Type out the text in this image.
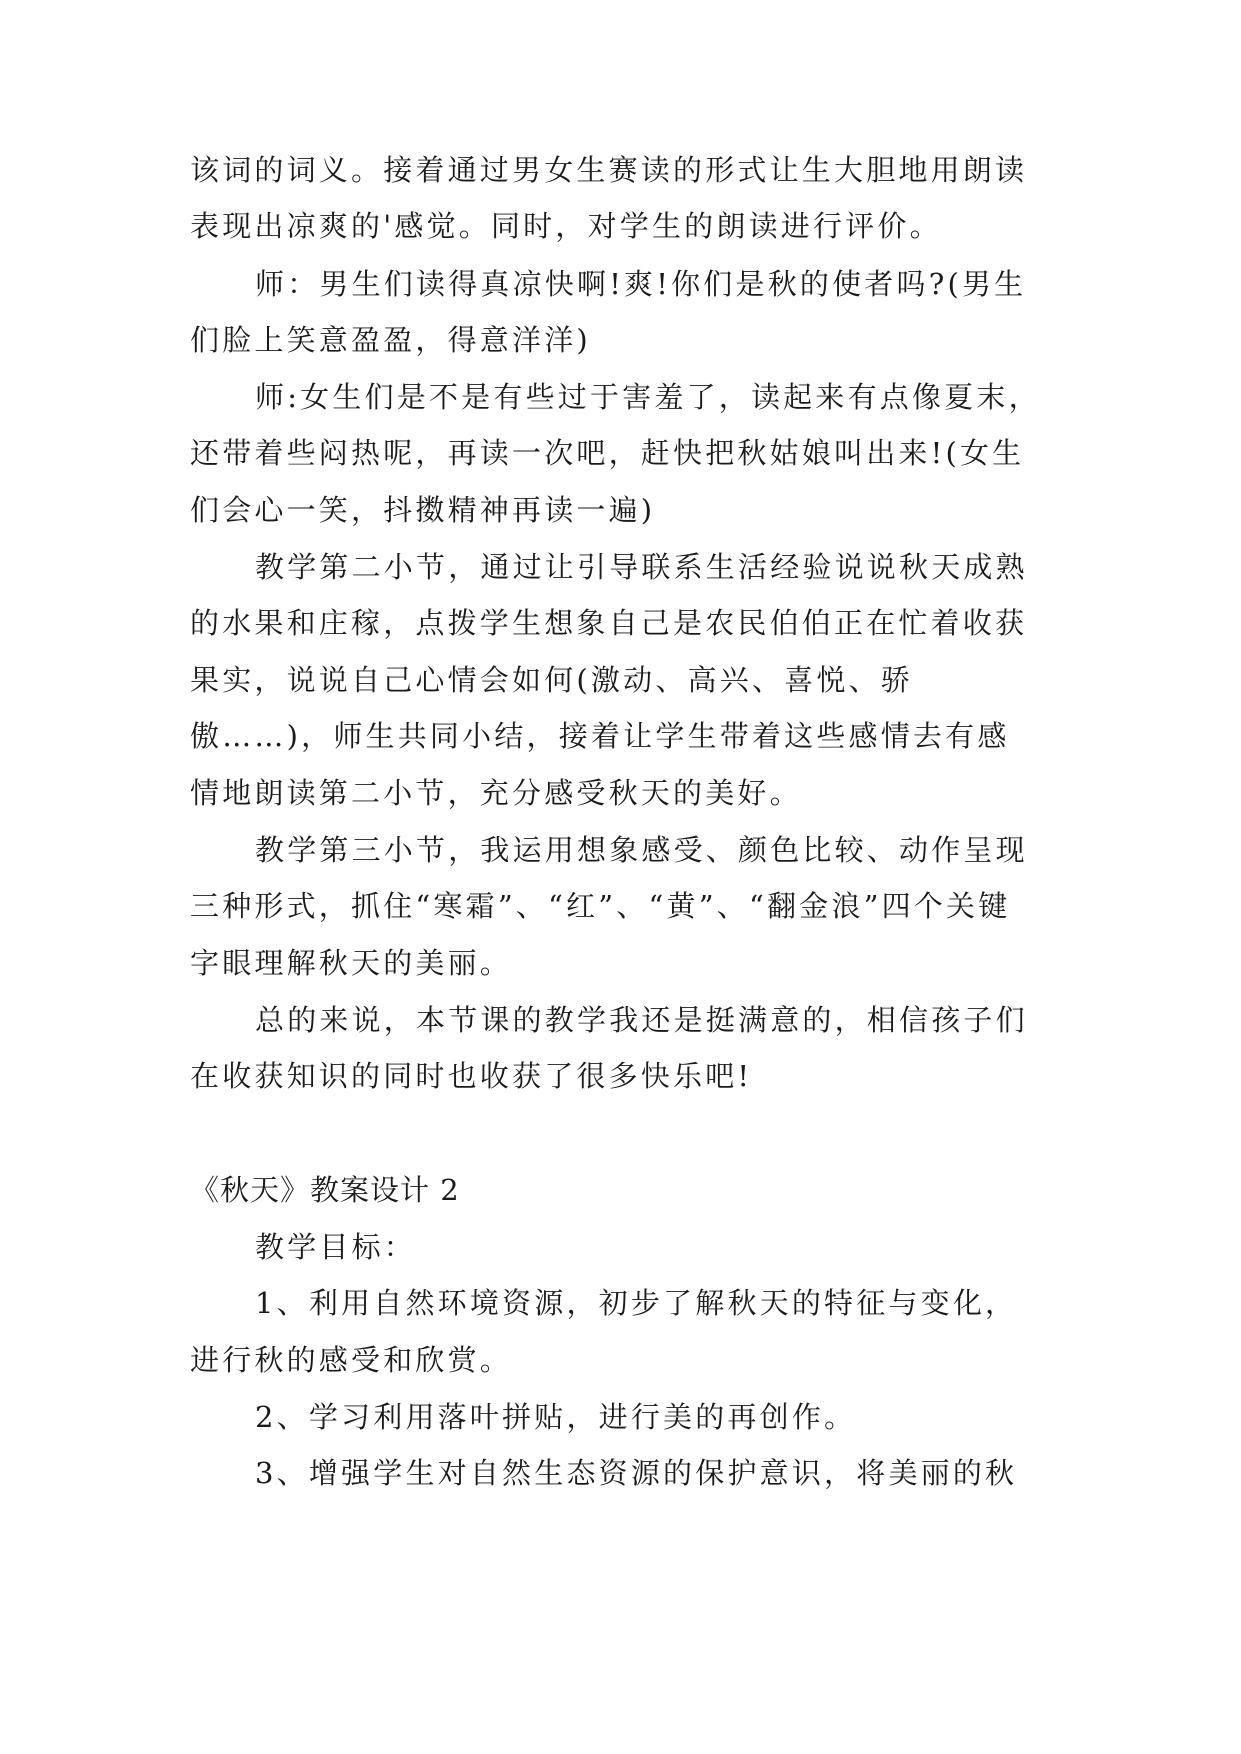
该词的词义。接着通过男女生赛读的形式让生大胆地用朗读
表现出凉爽的'感觉。同时，对学生的朗读进行评价。
师：男生们读得真凉快啊!爽!你们是秋的使者吗?(男生
们脸上笑意盈盈，得意洋洋)
师:女生们是不是有些过于害羞了，读起来有点像夏末，
还带着些闷热呢，再读一次吧，赶快把秋姑娘叫出来!(女生
们会心一笑，抖擞精神再读一遍)
教学第二小节，通过让引导联系生活经验说说秋天成熟
的水果和庄稼，点拨学生想象自己是农民伯伯正在忙着收获
果实，说说自己心情会如何(激动、高兴、喜悦、骄
傲……)，师生共同小结，接着让学生带着这些感情去有感
情地朗读第二小节，充分感受秋天的美好。
教学第三小节，我运用想象感受、颜色比较、动作呈现
三种形式，抓住“寒霜”、“红”、“黄”、“翻金浪”四个关键
字眼理解秋天的美丽。
总的来说，本节课的教学我还是挺满意的，相信孩子们
在收获知识的同时也收获了很多快乐吧!
《秋天》教案设计 2
教学目标：
1、利用自然环境资源，初步了解秋天的特征与变化，
进行秋的感受和欣赏。
2、学习利用落叶拼贴，进行美的再创作。
3、增强学生对自然生态资源的保护意识，将美丽的秋
